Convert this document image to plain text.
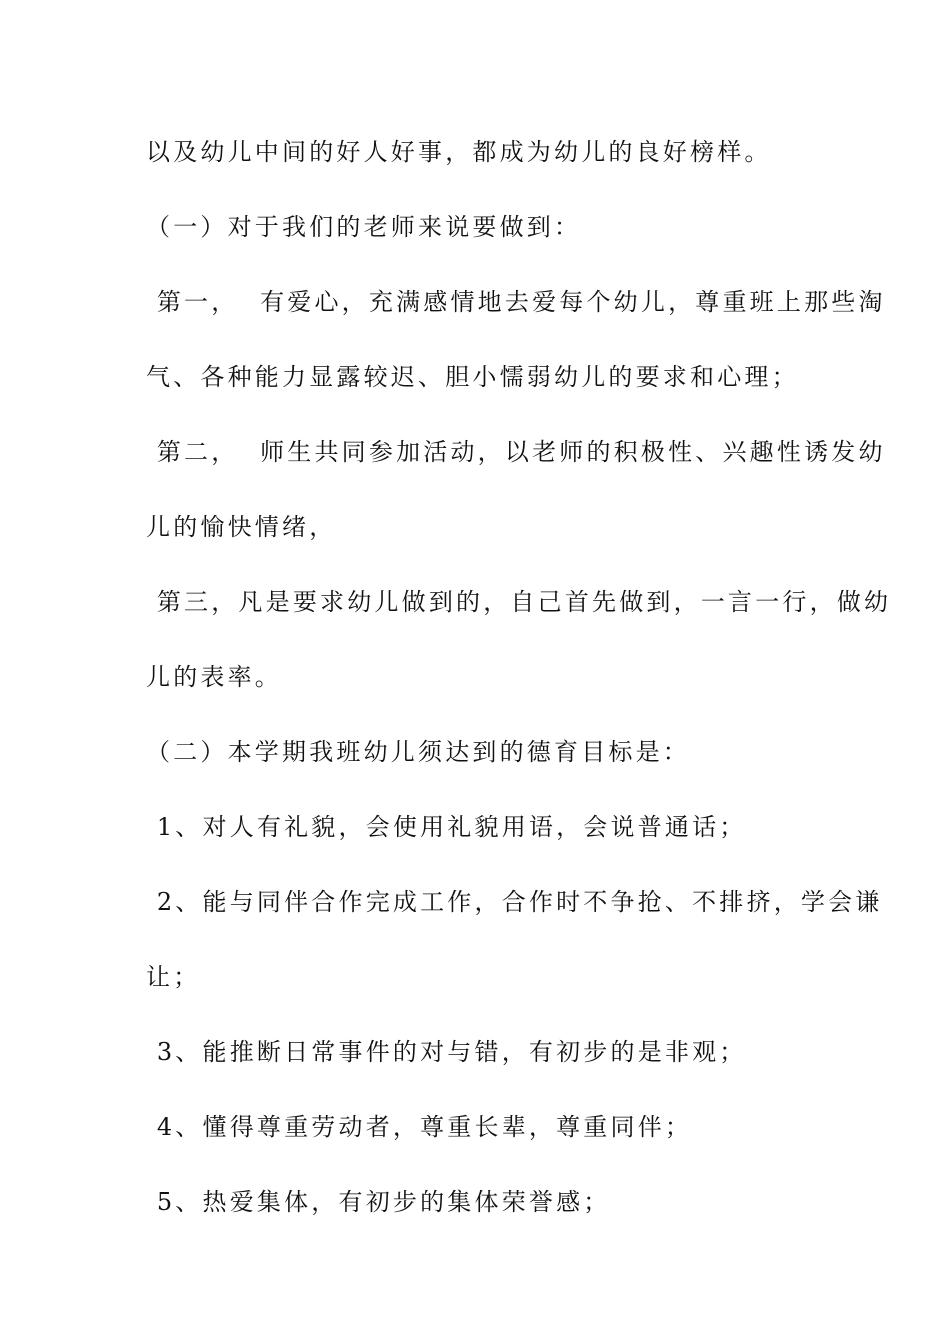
以及幼儿中间的好人好事，都成为幼儿的良好榜样。
（一）对于我们的老师来说要做到：
第一，  有爱心，充满感情地去爱每个幼儿，尊重班上那些淘
气、各种能力显露较迟、胆小懦弱幼儿的要求和心理；
第二，  师生共同参加活动，以老师的积极性、兴趣性诱发幼
儿的愉快情绪，
第三，凡是要求幼儿做到的，自己首先做到，一言一行，做幼
儿的表率。
（二）本学期我班幼儿须达到的德育目标是：
1、对人有礼貌，会使用礼貌用语，会说普通话；
2、能与同伴合作完成工作，合作时不争抢、不排挤，学会谦
让；
3、能推断日常事件的对与错，有初步的是非观；
4、懂得尊重劳动者，尊重长辈，尊重同伴；
5、热爱集体，有初步的集体荣誉感；
